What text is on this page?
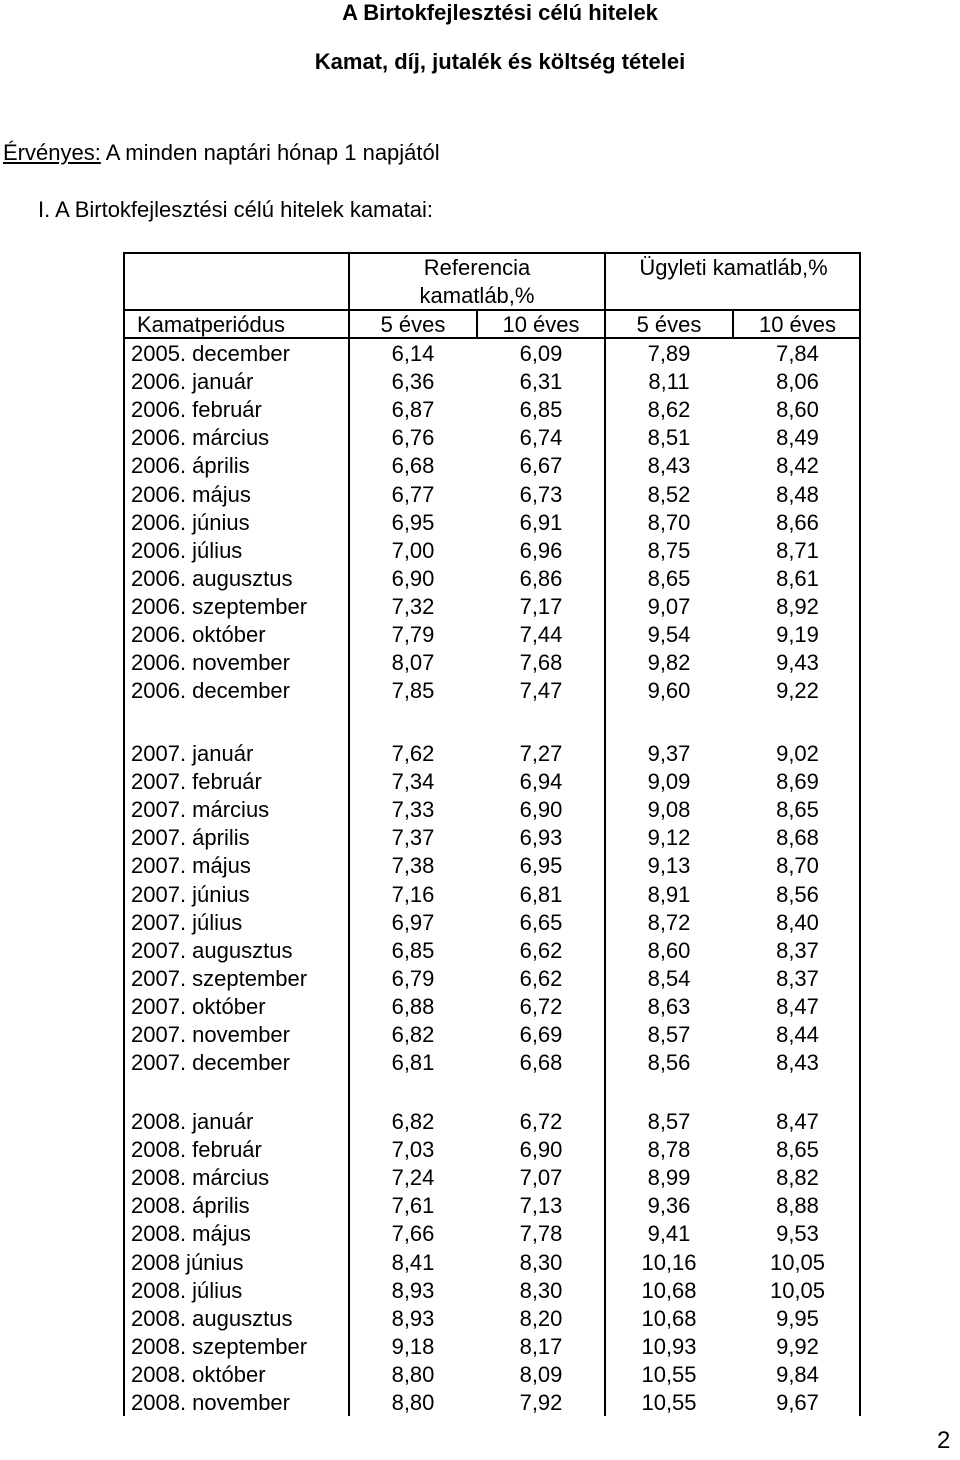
A Birtokfejlesztési célú hitelek
Kamat, díj, jutalék és költség tételei
Érvényes: A minden naptári hónap 1 napjától
I. A Birtokfejlesztési célú hitelek kamatai:
Referencia kamatláb,%
Ügyleti kamatláb,%
Kamatperiódus	5 éves	10 éves	5 éves	10 éves
2005. december	6,14	6,09	7,89	7,84
2006. január	6,36	6,31	8,11	8,06
2006. február	6,87	6,85	8,62	8,60
2006. március	6,76	6,74	8,51	8,49
2006. április	6,68	6,67	8,43	8,42
2006. május	6,77	6,73	8,52	8,48
2006. június	6,95	6,91	8,70	8,66
2006. július	7,00	6,96	8,75	8,71
2006. augusztus	6,90	6,86	8,65	8,61
2006. szeptember	7,32	7,17	9,07	8,92
2006. október	7,79	7,44	9,54	9,19
2006. november	8,07	7,68	9,82	9,43
2006. december	7,85	7,47	9,60	9,22
2007. január	7,62	7,27	9,37	9,02
2007. február	7,34	6,94	9,09	8,69
2007. március	7,33	6,90	9,08	8,65
2007. április	7,37	6,93	9,12	8,68
2007. május	7,38	6,95	9,13	8,70
2007. június	7,16	6,81	8,91	8,56
2007. július	6,97	6,65	8,72	8,40
2007. augusztus	6,85	6,62	8,60	8,37
2007. szeptember	6,79	6,62	8,54	8,37
2007. október	6,88	6,72	8,63	8,47
2007. november	6,82	6,69	8,57	8,44
2007. december	6,81	6,68	8,56	8,43
2008. január	6,82	6,72	8,57	8,47
2008. február	7,03	6,90	8,78	8,65
2008. március	7,24	7,07	8,99	8,82
2008. április	7,61	7,13	9,36	8,88
2008. május	7,66	7,78	9,41	9,53
2008 június	8,41	8,30	10,16	10,05
2008. július	8,93	8,30	10,68	10,05
2008. augusztus	8,93	8,20	10,68	9,95
2008. szeptember	9,18	8,17	10,93	9,92
2008. október	8,80	8,09	10,55	9,84
2008. november	8,80	7,92	10,55	9,67
2
